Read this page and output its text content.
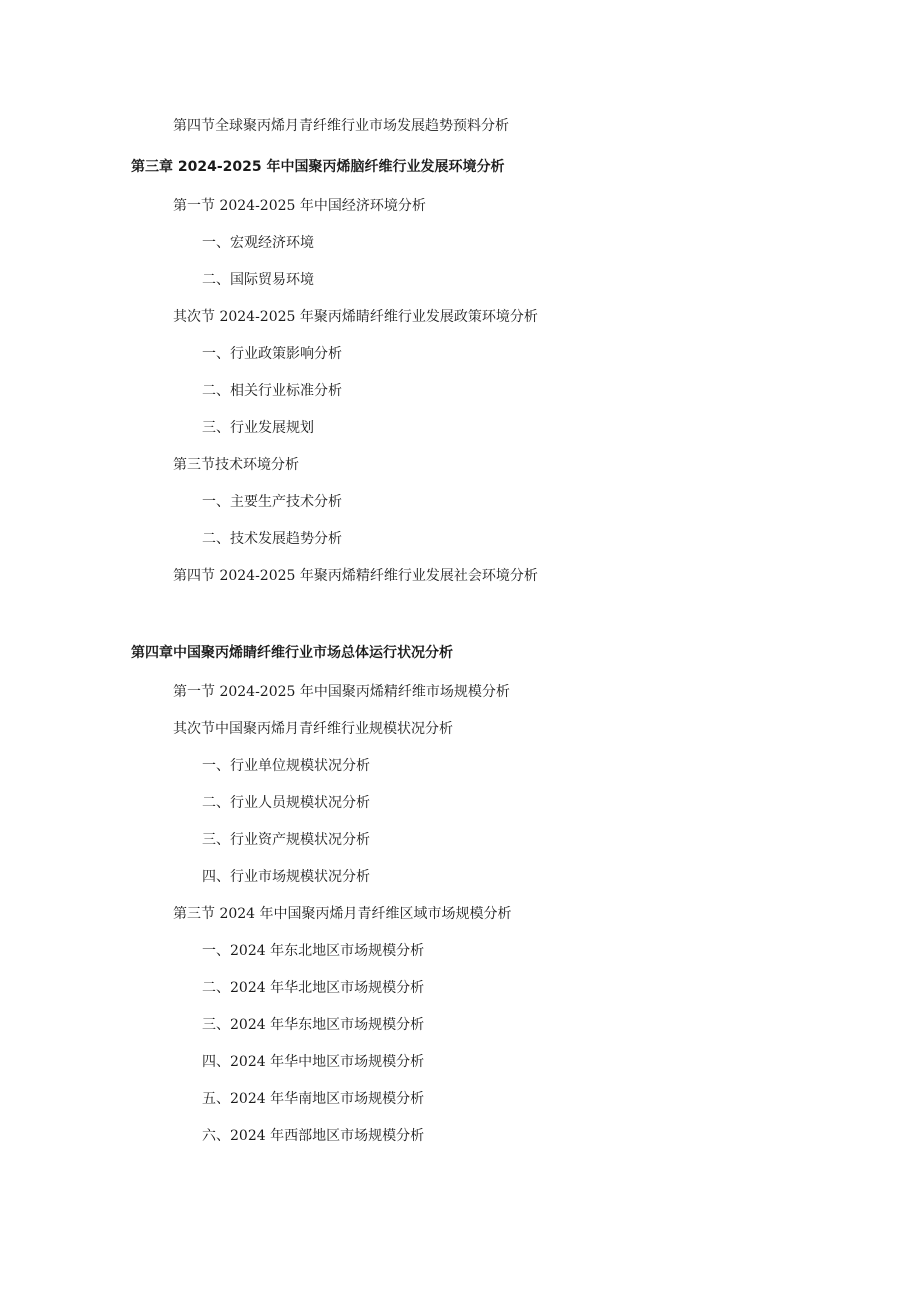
第四节全球聚丙烯月青纤维行业市场发展趋势预料分析
第三章 2024-2025 年中国聚丙烯脑纤维行业发展环境分析
第一节 2024-2025 年中国经济环境分析
一、宏观经济环境
二、国际贸易环境
其次节 2024-2025 年聚丙烯睛纤维行业发展政策环境分析
一、行业政策影响分析
二、相关行业标准分析
三、行业发展规划
第三节技术环境分析
一、主要生产技术分析
二、技术发展趋势分析
第四节 2024-2025 年聚丙烯精纤维行业发展社会环境分析
第四章中国聚丙烯睛纤维行业市场总体运行状况分析
第一节 2024-2025 年中国聚丙烯精纤维市场规模分析
其次节中国聚丙烯月青纤维行业规模状况分析
一、行业单位规模状况分析
二、行业人员规模状况分析
三、行业资产规模状况分析
四、行业市场规模状况分析
第三节 2024 年中国聚丙烯月青纤维区域市场规模分析
一、2024 年东北地区市场规模分析
二、2024 年华北地区市场规模分析
三、2024 年华东地区市场规模分析
四、2024 年华中地区市场规模分析
五、2024 年华南地区市场规模分析
六、2024 年西部地区市场规模分析
